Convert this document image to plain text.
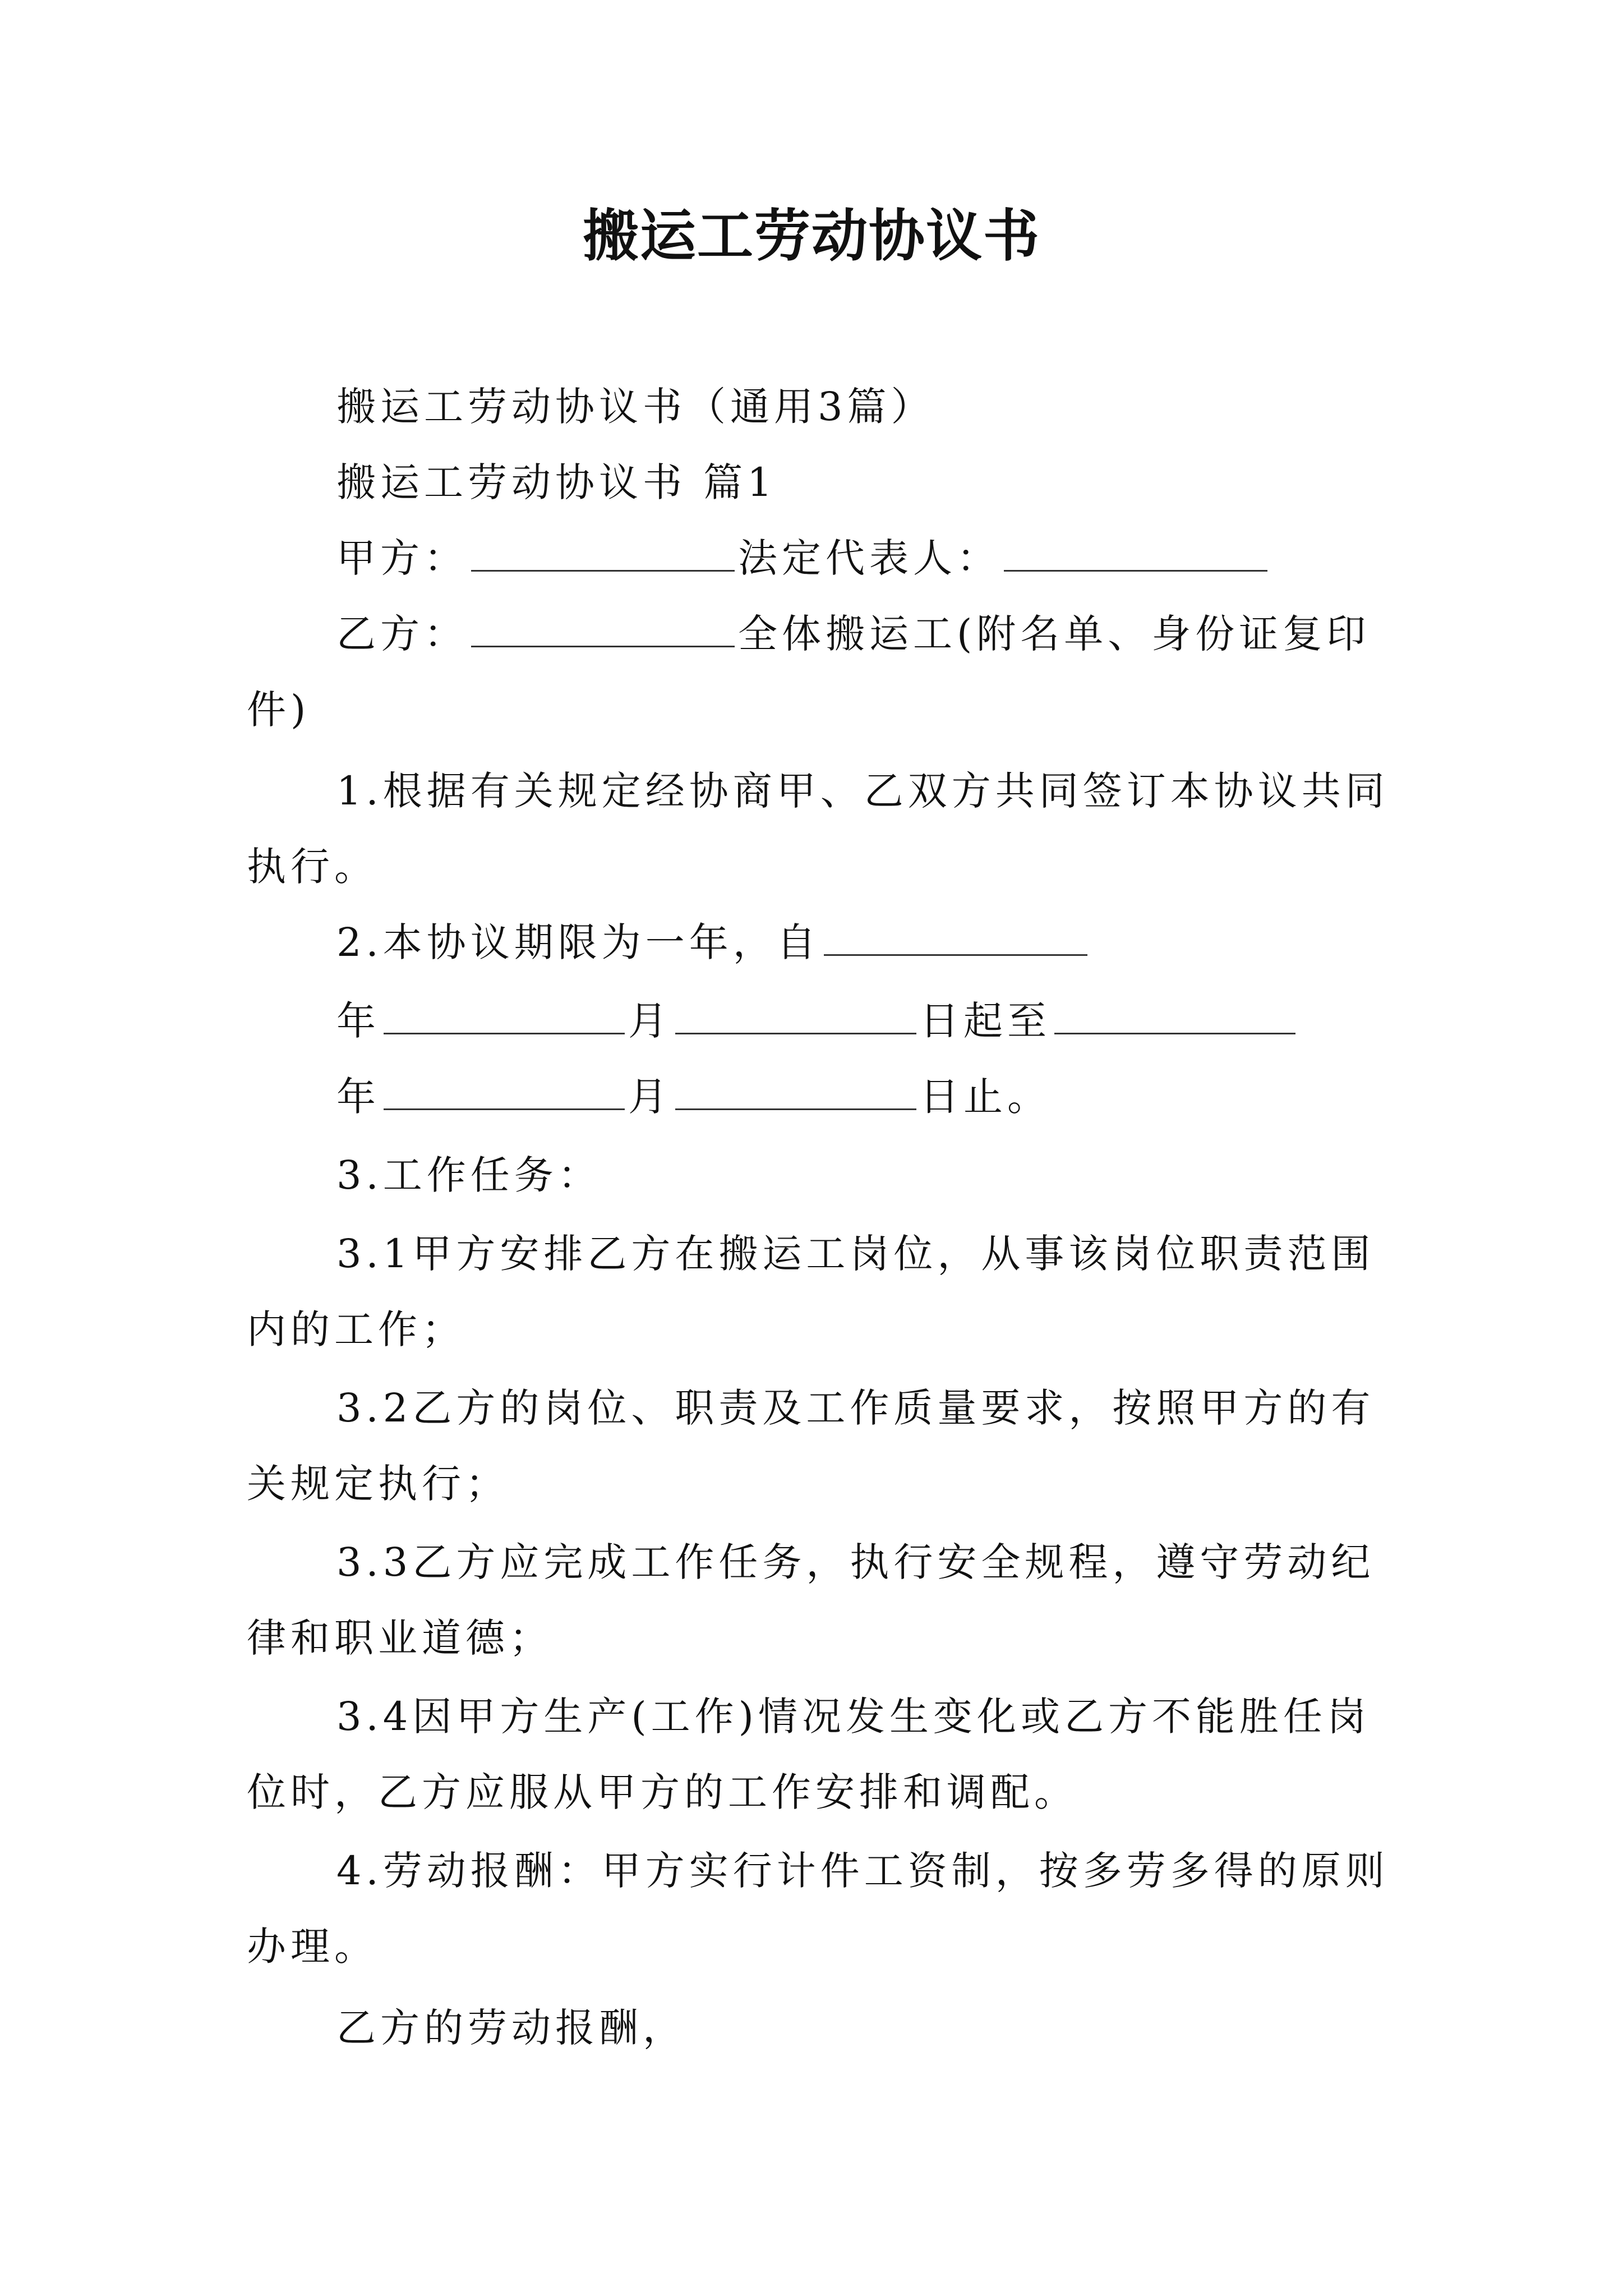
搬运工劳动协议书
搬运工劳动协议书（通用3篇）
搬运工劳动协议书 篇1
甲方：	法定代表人：
乙方：	全体搬运工(附名单、身份证复印
件)
1.根据有关规定经协商甲、乙双方共同签订本协议共同
执行。
2.本协议期限为一年，自
年	月	日起至
年	月	日止。
3.工作任务：
3.1甲方安排乙方在搬运工岗位，从事该岗位职责范围
内的工作；
3.2乙方的岗位、职责及工作质量要求，按照甲方的有
关规定执行；
3.3乙方应完成工作任务，执行安全规程，遵守劳动纪
律和职业道德；
3.4因甲方生产(工作)情况发生变化或乙方不能胜任岗
位时，乙方应服从甲方的工作安排和调配。
4.劳动报酬：甲方实行计件工资制，按多劳多得的原则
办理。
乙方的劳动报酬，
